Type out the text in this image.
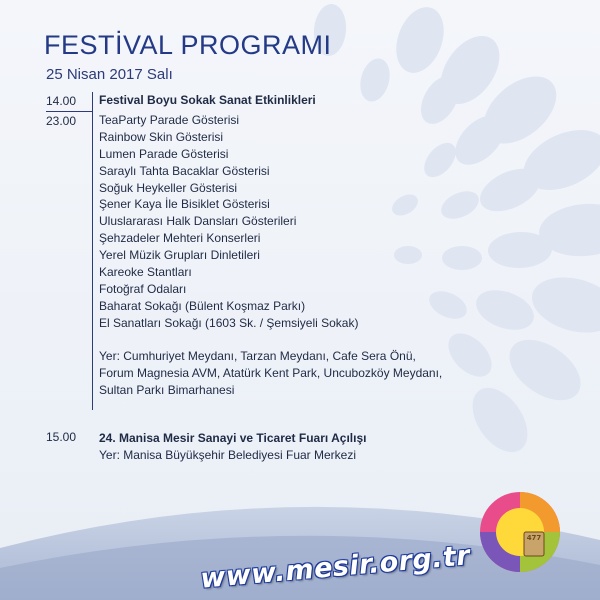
FESTİVAL PROGRAMI

25 Nisan 2017 Salı

14.00
23.00

Festival Boyu Sokak Sanat Etkinlikleri

TeaParty Parade Gösterisi

Rainbow Skin Gösterisi

Lumen Parade Gösterisi

Saraylı Tahta Bacaklar Gösterisi

Soğuk Heykeller Gösterisi

Şener Kaya İle Bisiklet Gösterisi

Uluslararası Halk Dansları Gösterileri

Şehzadeler Mehteri Konserleri

Yerel Müzik Grupları Dinletileri

Kareoke Stantları

Fotoğraf Odaları

Baharat Sokağı (Bülent Koşmaz Parkı)

El Sanatları Sokağı (1603 Sk. / Şemsiyeli Sokak)

Yer: Cumhuriyet Meydanı, Tarzan Meydanı, Cafe Sera Önü,

Forum Magnesia AVM, Atatürk Kent Park, Uncubozköy Meydanı,

Sultan Parkı Bimarhanesi

15.00 24. Manisa Mesir Sanayi ve Ticaret Fuarı Açılışı

Yer: Manisa Büyükşehir Belediyesi Fuar Merkezi

www.mesir.org.tr
477
